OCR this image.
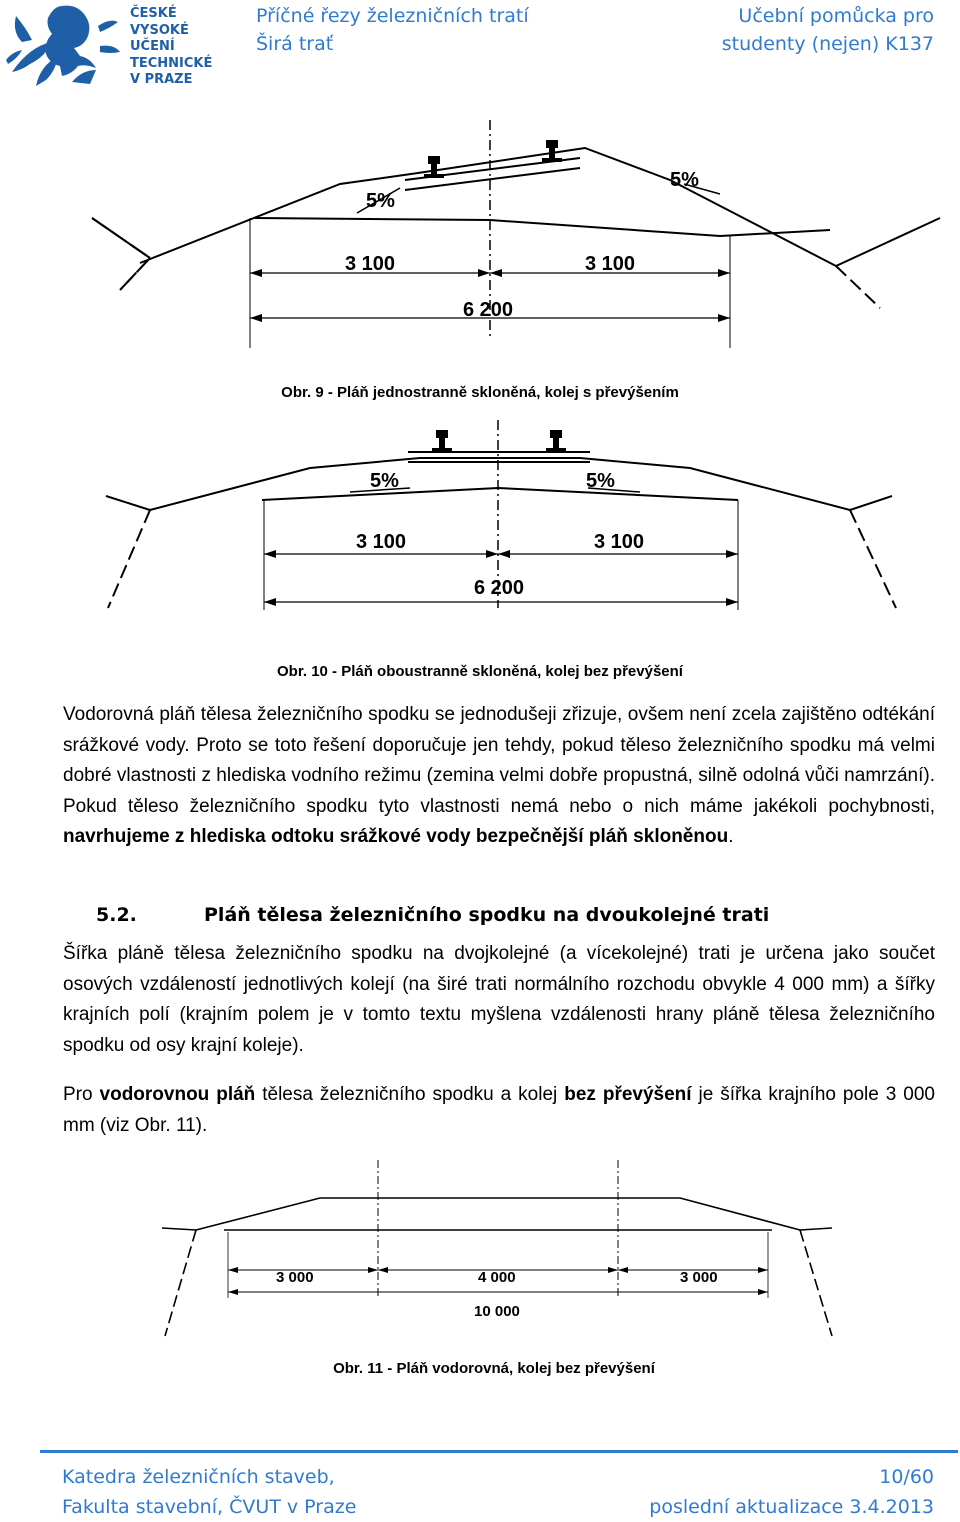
ČESKÉ
VYSOKÉ
UČENÍ
TECHNICKÉ
V PRAZE
Příčné řezy železničních tratí
Širá trať
Učební pomůcka pro
studenty (nejen) K137
5%
5%
3 100	3 100
6 200
Obr. 9 - Pláň jednostranně skloněná, kolej s převýšením
5%	5%
3 100	3 100
6 200
Obr. 10 - Pláň oboustranně skloněná, kolej bez převýšení
Vodorovná pláň tělesa železničního spodku se jednodušeji zřizuje, ovšem není zcela zajištěno odtékání srážkové vody. Proto se toto řešení doporučuje jen tehdy, pokud těleso železničního spodku má velmi dobré vlastnosti z hlediska vodního režimu (zemina velmi dobře propustná, silně odolná vůči namrzání). Pokud těleso železničního spodku tyto vlastnosti nemá nebo o nich máme jakékoli pochybnosti, navrhujeme z hlediska odtoku srážkové vody bezpečnější pláň skloněnou.
5.2.	Pláň tělesa železničního spodku na dvoukolejné trati
Šířka pláně tělesa železničního spodku na dvojkolejné (a vícekolejné) trati je určena jako součet osových vzdáleností jednotlivých kolejí (na širé trati normálního rozchodu obvykle 4 000 mm) a šířky krajních polí (krajním polem je v tomto textu myšlena vzdálenosti hrany pláně tělesa železničního spodku od osy krajní koleje).
Pro vodorovnou pláň tělesa železničního spodku a kolej bez převýšení je šířka krajního pole 3 000 mm (viz Obr. 11).
3 000	4 000	3 000
10 000
Obr. 11 - Pláň vodorovná, kolej bez převýšení
Katedra železničních staveb,
Fakulta stavební, ČVUT v Praze
10/60
poslední aktualizace 3.4.2013
